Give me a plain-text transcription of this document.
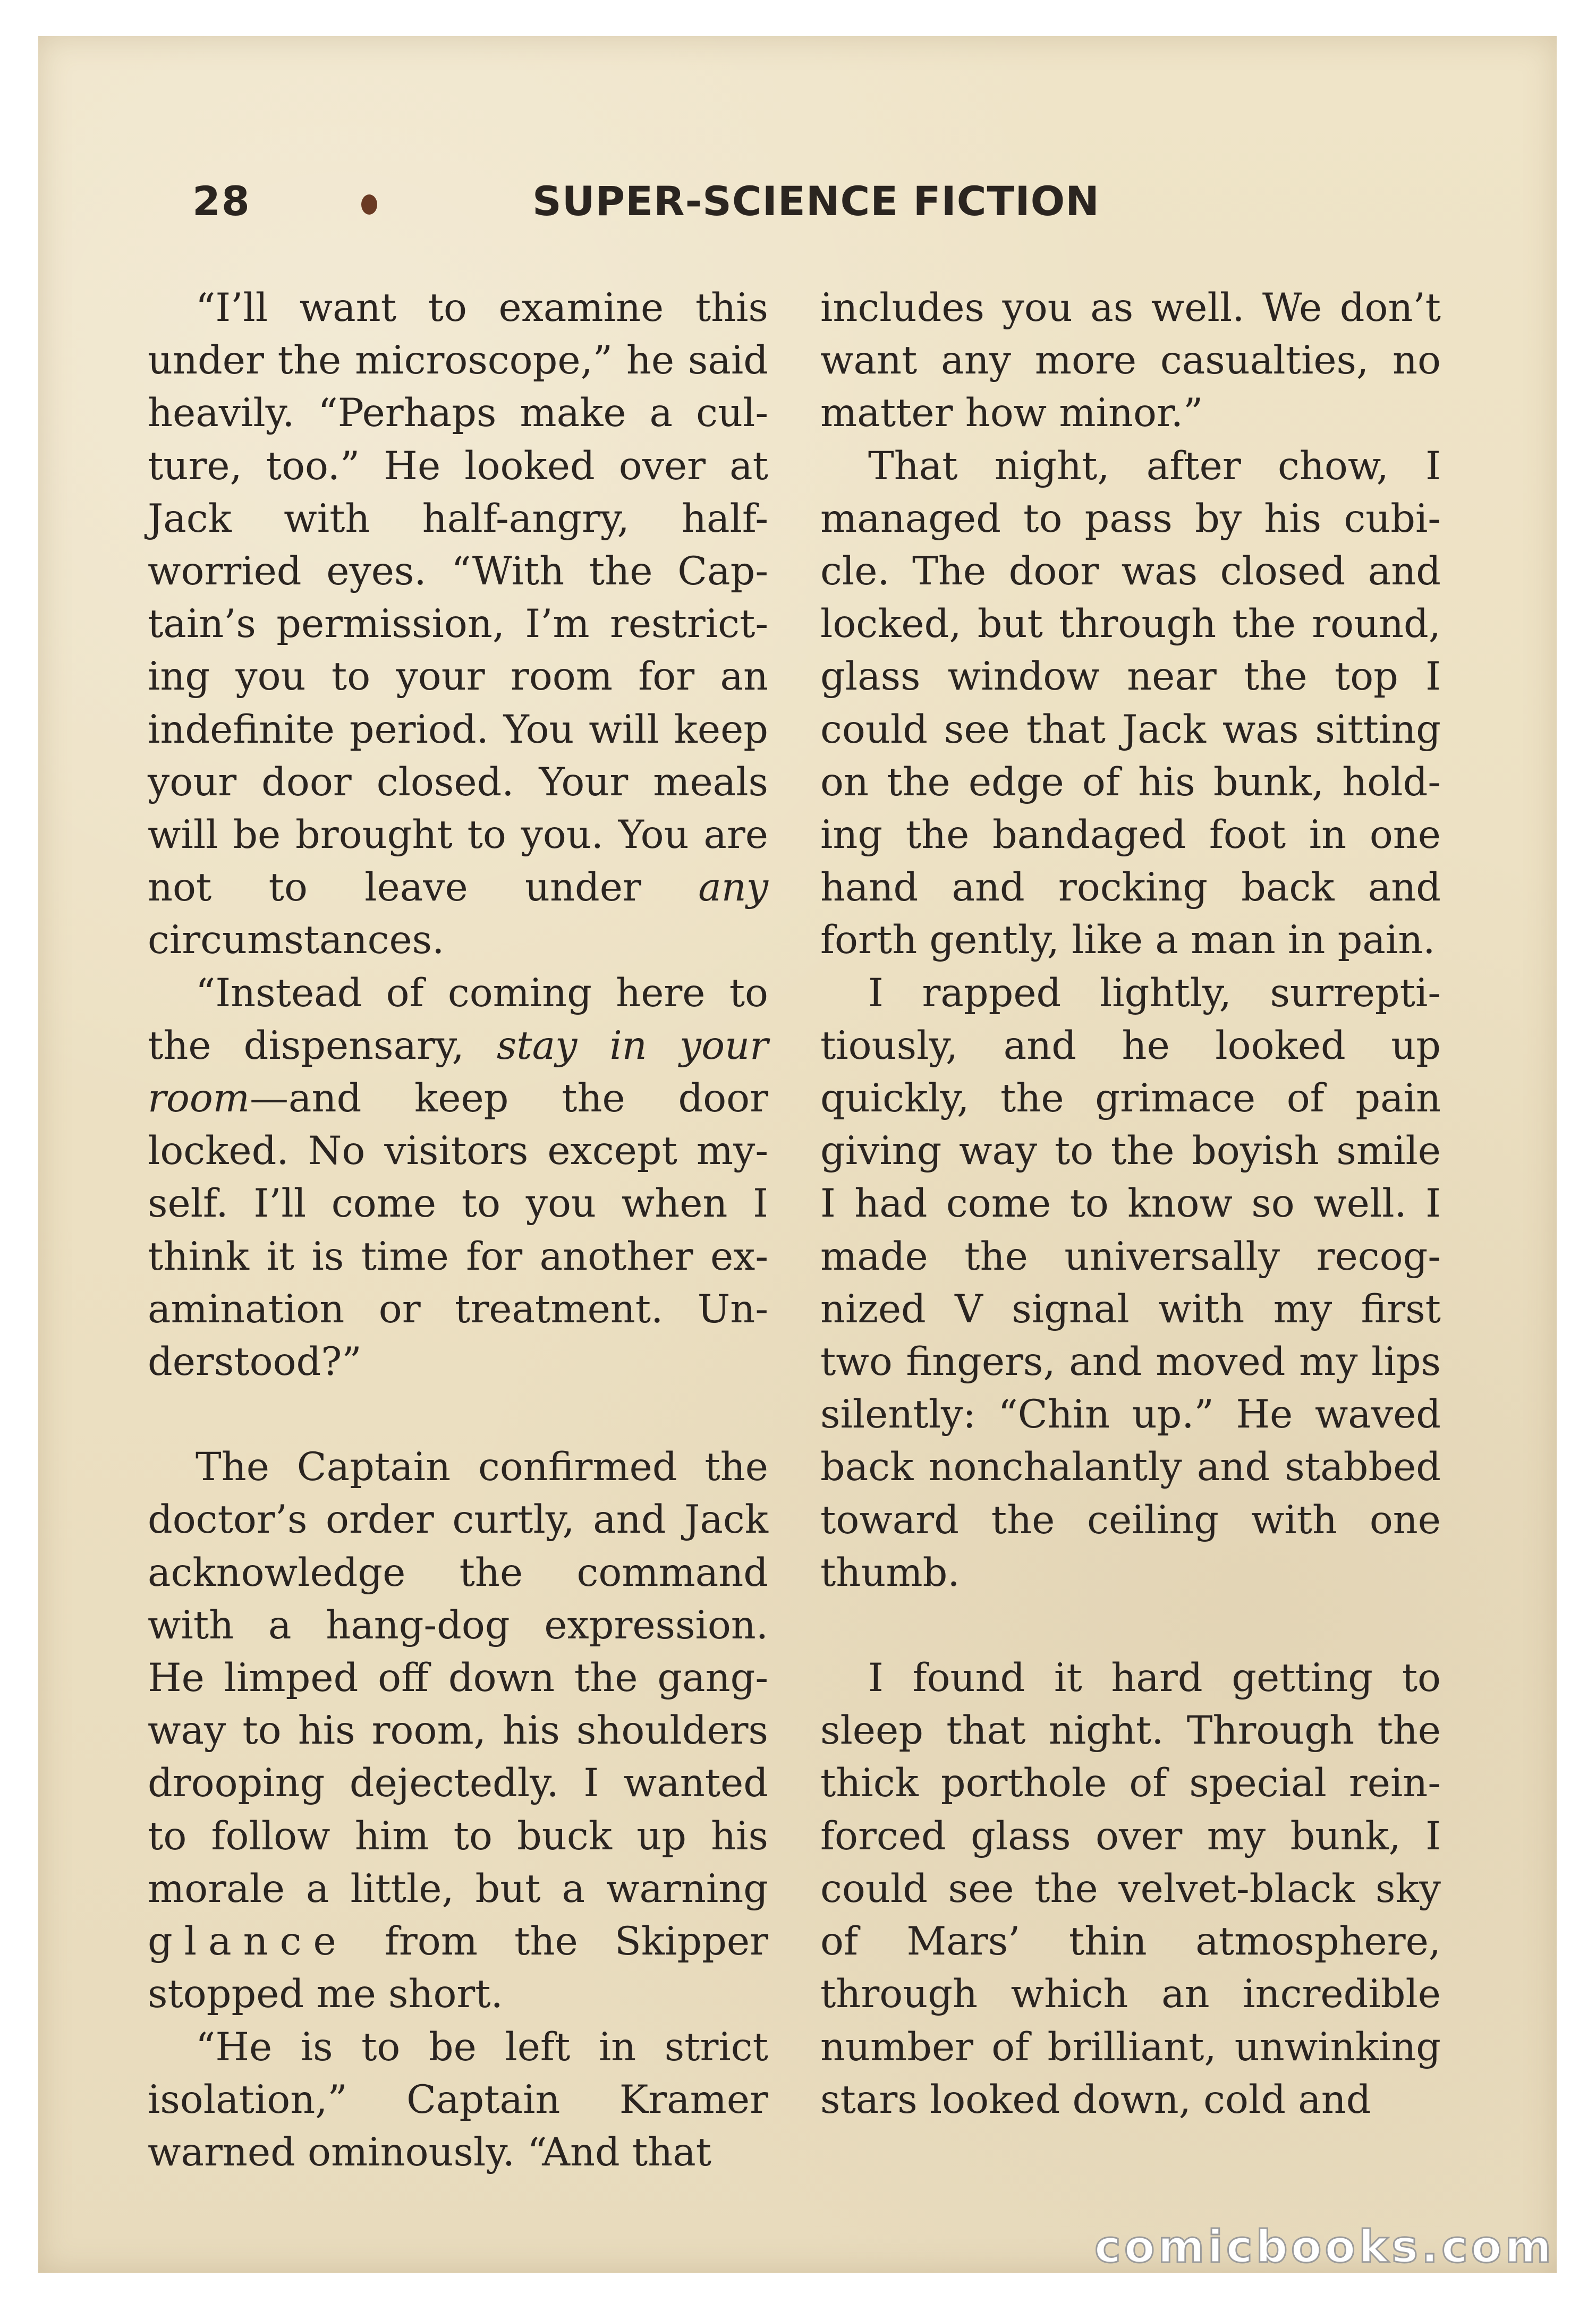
28	SUPER-SCIENCE FICTION

“I’ll want to examine this under the microscope,” he said heavily. “Perhaps make a culture, too.” He looked over at Jack with half-angry, half-worried eyes. “With the Captain’s permission, I’m restricting you to your room for an indefinite period. You will keep your door closed. Your meals will be brought to you. You are not to leave under any circumstances.

“Instead of coming here to the dispensary, stay in your room—and keep the door locked. No visitors except myself. I’ll come to you when I think it is time for another examination or treatment. Understood?”

The Captain confirmed the doctor’s order curtly, and Jack acknowledge the command with a hang-dog expression. He limped off down the gangway to his room, his shoulders drooping dejectedly. I wanted to follow him to buck up his morale a little, but a warning glance from the Skipper stopped me short.

“He is to be left in strict isolation,” Captain Kramer warned ominously. “And that

includes you as well. We don’t want any more casualties, no matter how minor.”

That night, after chow, I managed to pass by his cubicle. The door was closed and locked, but through the round, glass window near the top I could see that Jack was sitting on the edge of his bunk, holding the bandaged foot in one hand and rocking back and forth gently, like a man in pain.

I rapped lightly, surreptitiously, and he looked up quickly, the grimace of pain giving way to the boyish smile I had come to know so well. I made the universally recognized V signal with my first two fingers, and moved my lips silently: “Chin up.” He waved back nonchalantly and stabbed toward the ceiling with one thumb.

I found it hard getting to sleep that night. Through the thick porthole of special reinforced glass over my bunk, I could see the velvet-black sky of Mars’ thin atmosphere, through which an incredible number of brilliant, unwinking stars looked down, cold and

comicbooks.com
